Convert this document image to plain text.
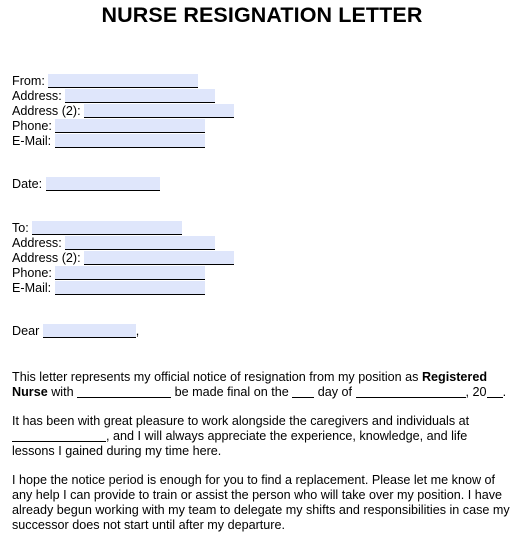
NURSE RESIGNATION LETTER
From:
Address:
Address (2):
Phone:
E-Mail:
Date:
To:
Address:
Address (2):
Phone:
E-Mail:
Dear	,
This letter represents my official notice of resignation from my position as Registered Nurse with	be made final on the day of	, 20 .
It has been with great pleasure to work alongside the caregivers and individuals at , and I will always appreciate the experience, knowledge, and life lessons I gained during my time here.
I hope the notice period is enough for you to find a replacement. Please let me know of any help I can provide to train or assist the person who will take over my position. I have already begun working with my team to delegate my shifts and responsibilities in case my successor does not start until after my departure.
